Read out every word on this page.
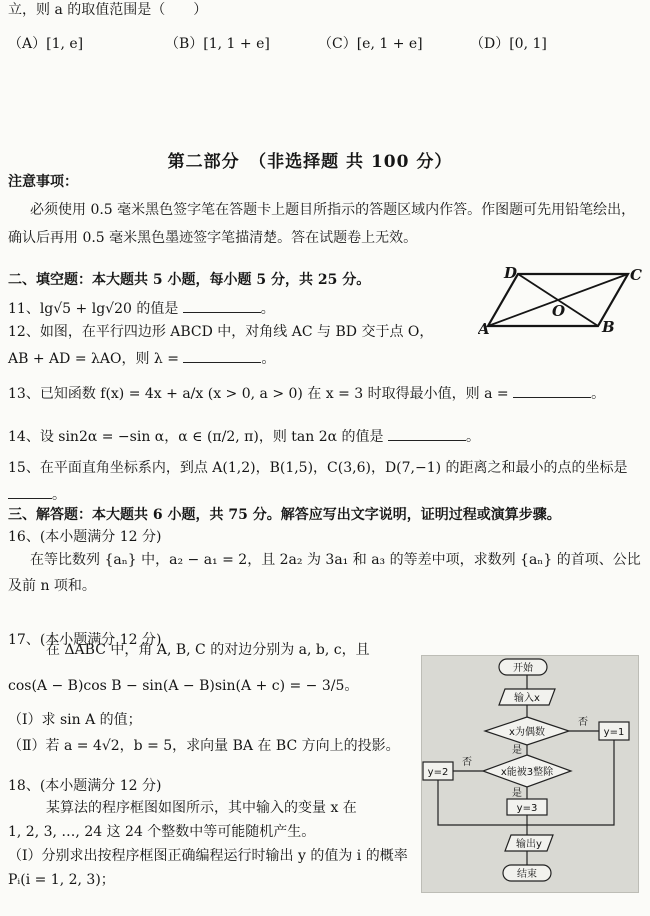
立，则 a 的取值范围是（　　）
（A）[1, e]	（B）[1, 1 + e]	（C）[e, 1 + e]	（D）[0, 1]
第二部分　（非选择题 共 100 分）
注意事项：
必须使用 0.5 毫米黑色签字笔在答题卡上题目所指示的答题区域内作答。作图题可先用铅笔绘出，
确认后再用 0.5 毫米黑色墨迹签字笔描清楚。答在试题卷上无效。
二、填空题：本大题共 5 小题，每小题 5 分，共 25 分。
11、lg√5 + lg√20 的值是	。
12、如图，在平行四边形 ABCD 中，对角线 AC 与 BD 交于点 O，
AB + AD = λAO，则 λ =	。
D	C
A	B
O
13、已知函数 f(x) = 4x + a/x (x > 0, a > 0) 在 x = 3 时取得最小值，则 a =	。
14、设 sin2α = −sin α，α ∈ (π/2, π)，则 tan 2α 的值是	。
15、在平面直角坐标系内，到点 A(1,2)，B(1,5)，C(3,6)，D(7,−1) 的距离之和最小的点的坐标是
。
三、解答题：本大题共 6 小题，共 75 分。解答应写出文字说明，证明过程或演算步骤。
16、(本小题满分 12 分)
在等比数列 {aₙ} 中，a₂ − a₁ = 2，且 2a₂ 为 3a₁ 和 a₃ 的等差中项，求数列 {aₙ} 的首项、公比
及前 n 项和。
17、(本小题满分 12 分)
在 ΔABC 中，角 A, B, C 的对边分别为 a, b, c，且
cos(A − B)cos B − sin(A − B)sin(A + c) = − 3/5。
（Ⅰ）求 sin A 的值；
（Ⅱ）若 a = 4√2，b = 5，求向量 BA 在 BC 方向上的投影。
18、(本小题满分 12 分)
某算法的程序框图如图所示，其中输入的变量 x 在
1, 2, 3, …, 24 这 24 个整数中等可能随机产生。
（Ⅰ）分别求出按程序框图正确编程运行时输出 y 的值为 i 的概率
Pᵢ(i = 1, 2, 3)；
开始
输入x
x为偶数
否
y=1
是
x能被3整除
否
y=2
是
y=3
输出y
结束
